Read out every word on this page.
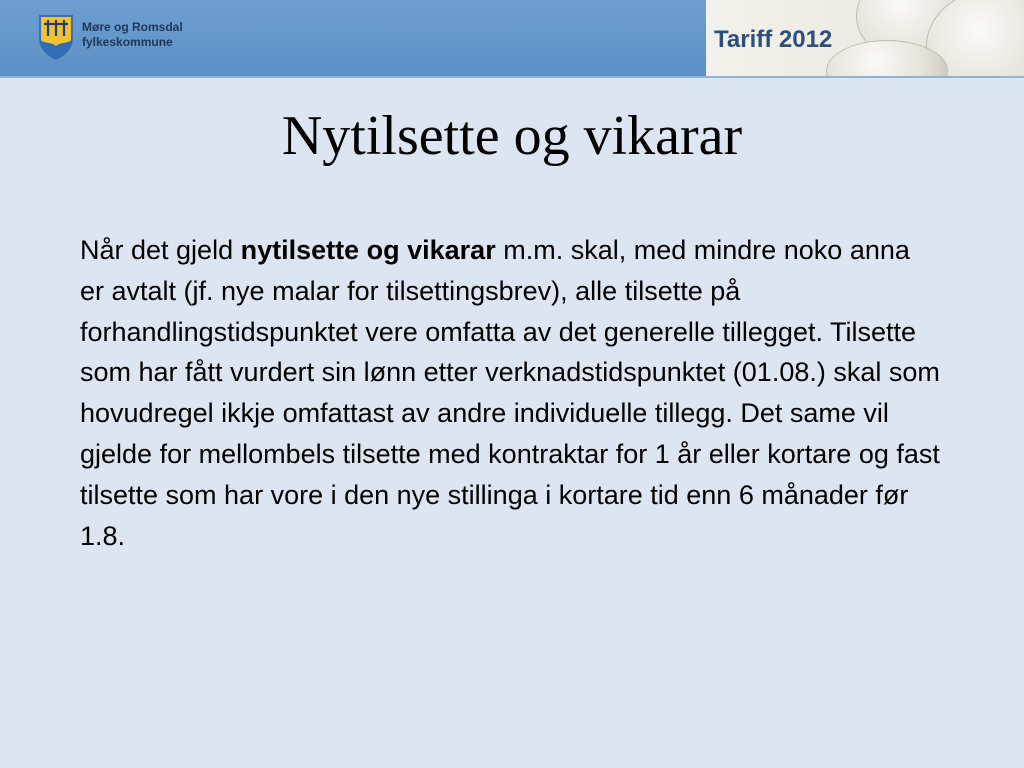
Møre og Romsdal
fylkeskommune	Tariff 2012
Nytilsette og vikarar
Når det gjeld nytilsette og vikarar m.m. skal, med mindre noko anna er avtalt (jf. nye malar for tilsettingsbrev), alle tilsette på forhandlingstidspunktet vere omfatta av det generelle tillegget. Tilsette som har fått vurdert sin lønn etter verknadstidspunktet (01.08.) skal som hovudregel ikkje omfattast av andre individuelle tillegg. Det same vil gjelde for mellombels tilsette med kontraktar for 1 år eller kortare og fast tilsette som har vore i den nye stillinga i kortare tid enn 6 månader før 1.8.
